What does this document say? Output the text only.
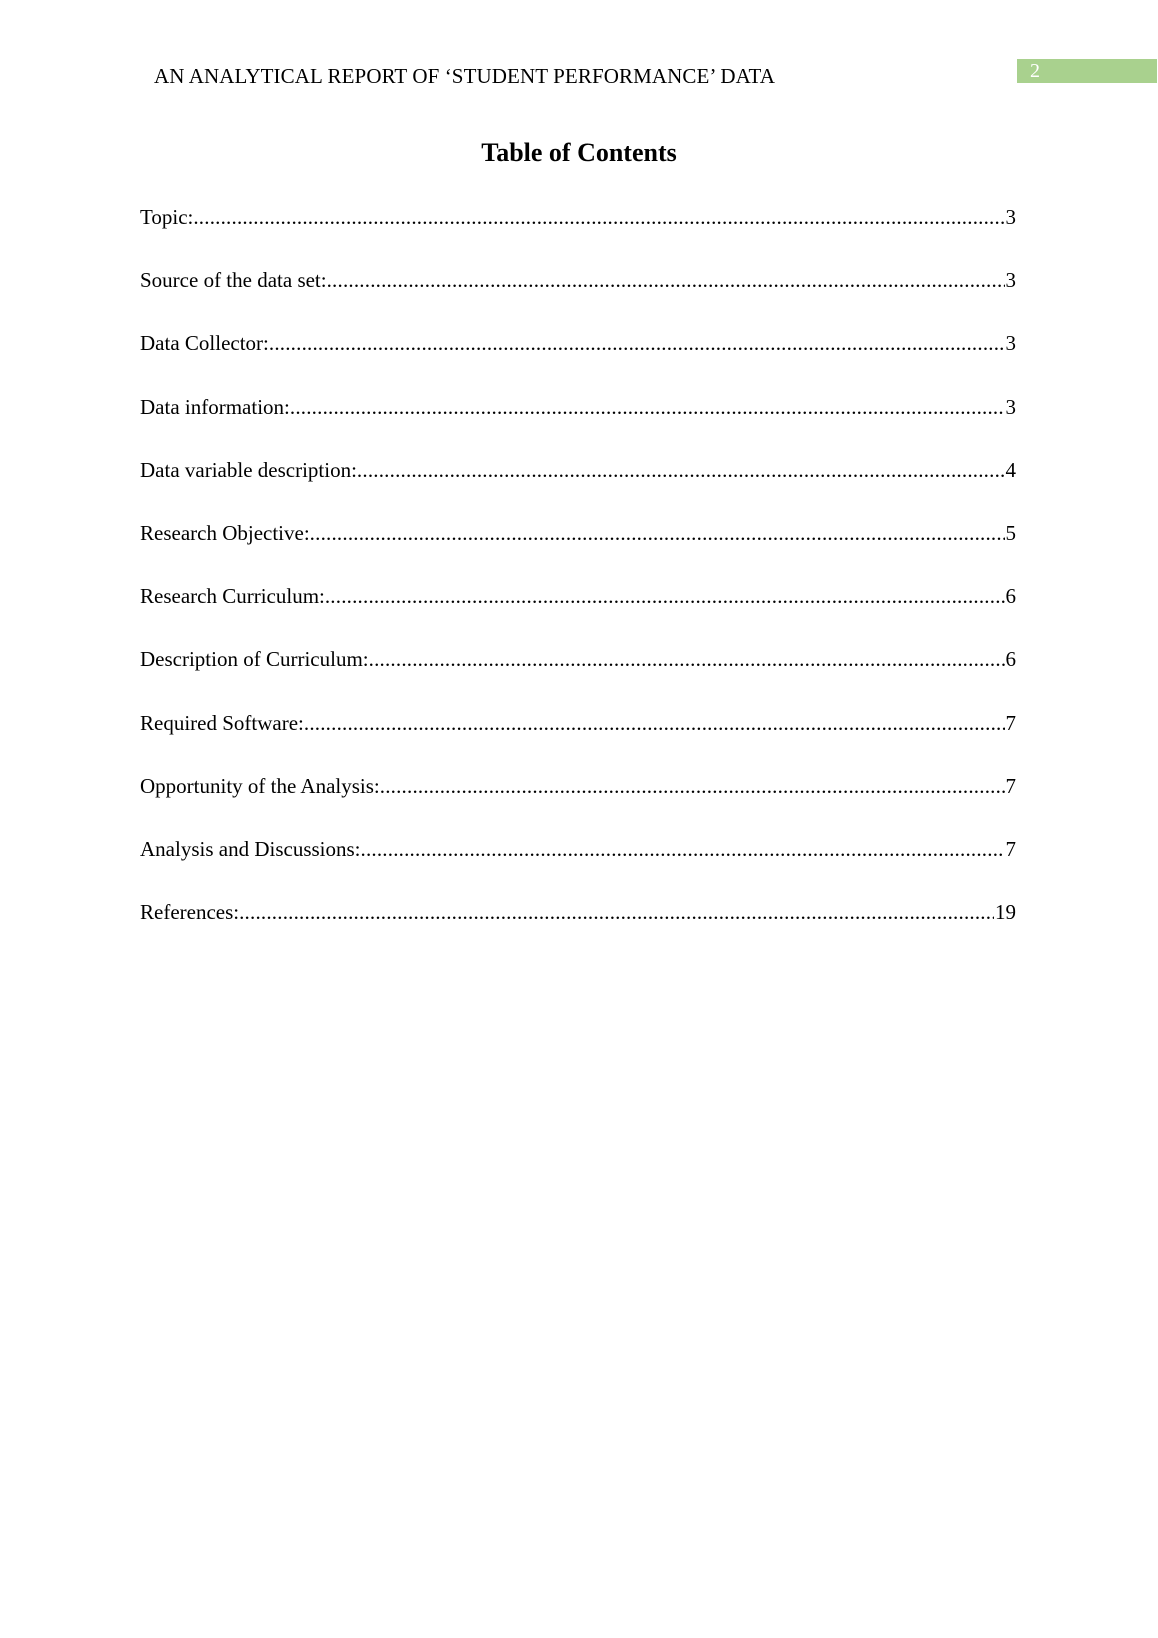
AN ANALYTICAL REPORT OF ‘STUDENT PERFORMANCE’ DATA	2
Table of Contents
Topic: .....	3
Source of the data set: .....	3
Data Collector: .....	3
Data information: .....	3
Data variable description: .....	4
Research Objective: .....	5
Research Curriculum: .....	6
Description of Curriculum: .....	6
Required Software: .....	7
Opportunity of the Analysis: .....	7
Analysis and Discussions: .....	7
References: .....	19
